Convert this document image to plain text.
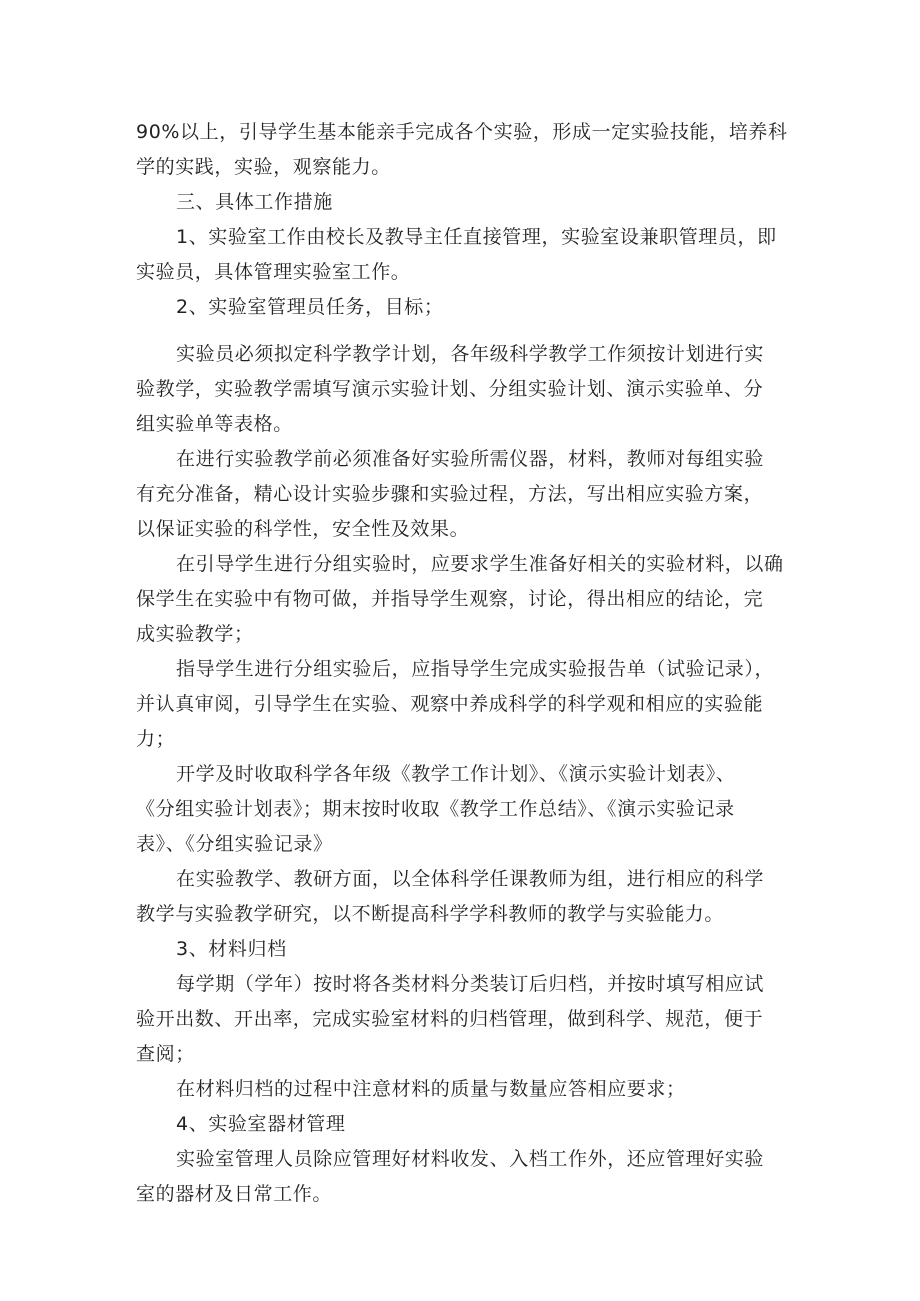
90%以上，引导学生基本能亲手完成各个实验，形成一定实验技能，培养科
学的实践，实验，观察能力。
三、具体工作措施
1、实验室工作由校长及教导主任直接管理，实验室设兼职管理员，即
实验员，具体管理实验室工作。
2、实验室管理员任务，目标；
实验员必须拟定科学教学计划，各年级科学教学工作须按计划进行实
验教学，实验教学需填写演示实验计划、分组实验计划、演示实验单、分
组实验单等表格。
在进行实验教学前必须准备好实验所需仪器，材料，教师对每组实验
有充分准备，精心设计实验步骤和实验过程，方法，写出相应实验方案，
以保证实验的科学性，安全性及效果。
在引导学生进行分组实验时，应要求学生准备好相关的实验材料，以确
保学生在实验中有物可做，并指导学生观察，讨论，得出相应的结论，完
成实验教学；
指导学生进行分组实验后，应指导学生完成实验报告单（试验记录），
并认真审阅，引导学生在实验、观察中养成科学的科学观和相应的实验能
力；
开学及时收取科学各年级《教学工作计划》、《演示实验计划表》、
《分组实验计划表》；期末按时收取《教学工作总结》、《演示实验记录
表》、《分组实验记录》
在实验教学、教研方面，以全体科学任课教师为组，进行相应的科学
教学与实验教学研究，以不断提高科学学科教师的教学与实验能力。
3、材料归档
每学期（学年）按时将各类材料分类装订后归档，并按时填写相应试
验开出数、开出率，完成实验室材料的归档管理，做到科学、规范，便于
查阅；
在材料归档的过程中注意材料的质量与数量应答相应要求；
4、实验室器材管理
实验室管理人员除应管理好材料收发、入档工作外，还应管理好实验
室的器材及日常工作。
